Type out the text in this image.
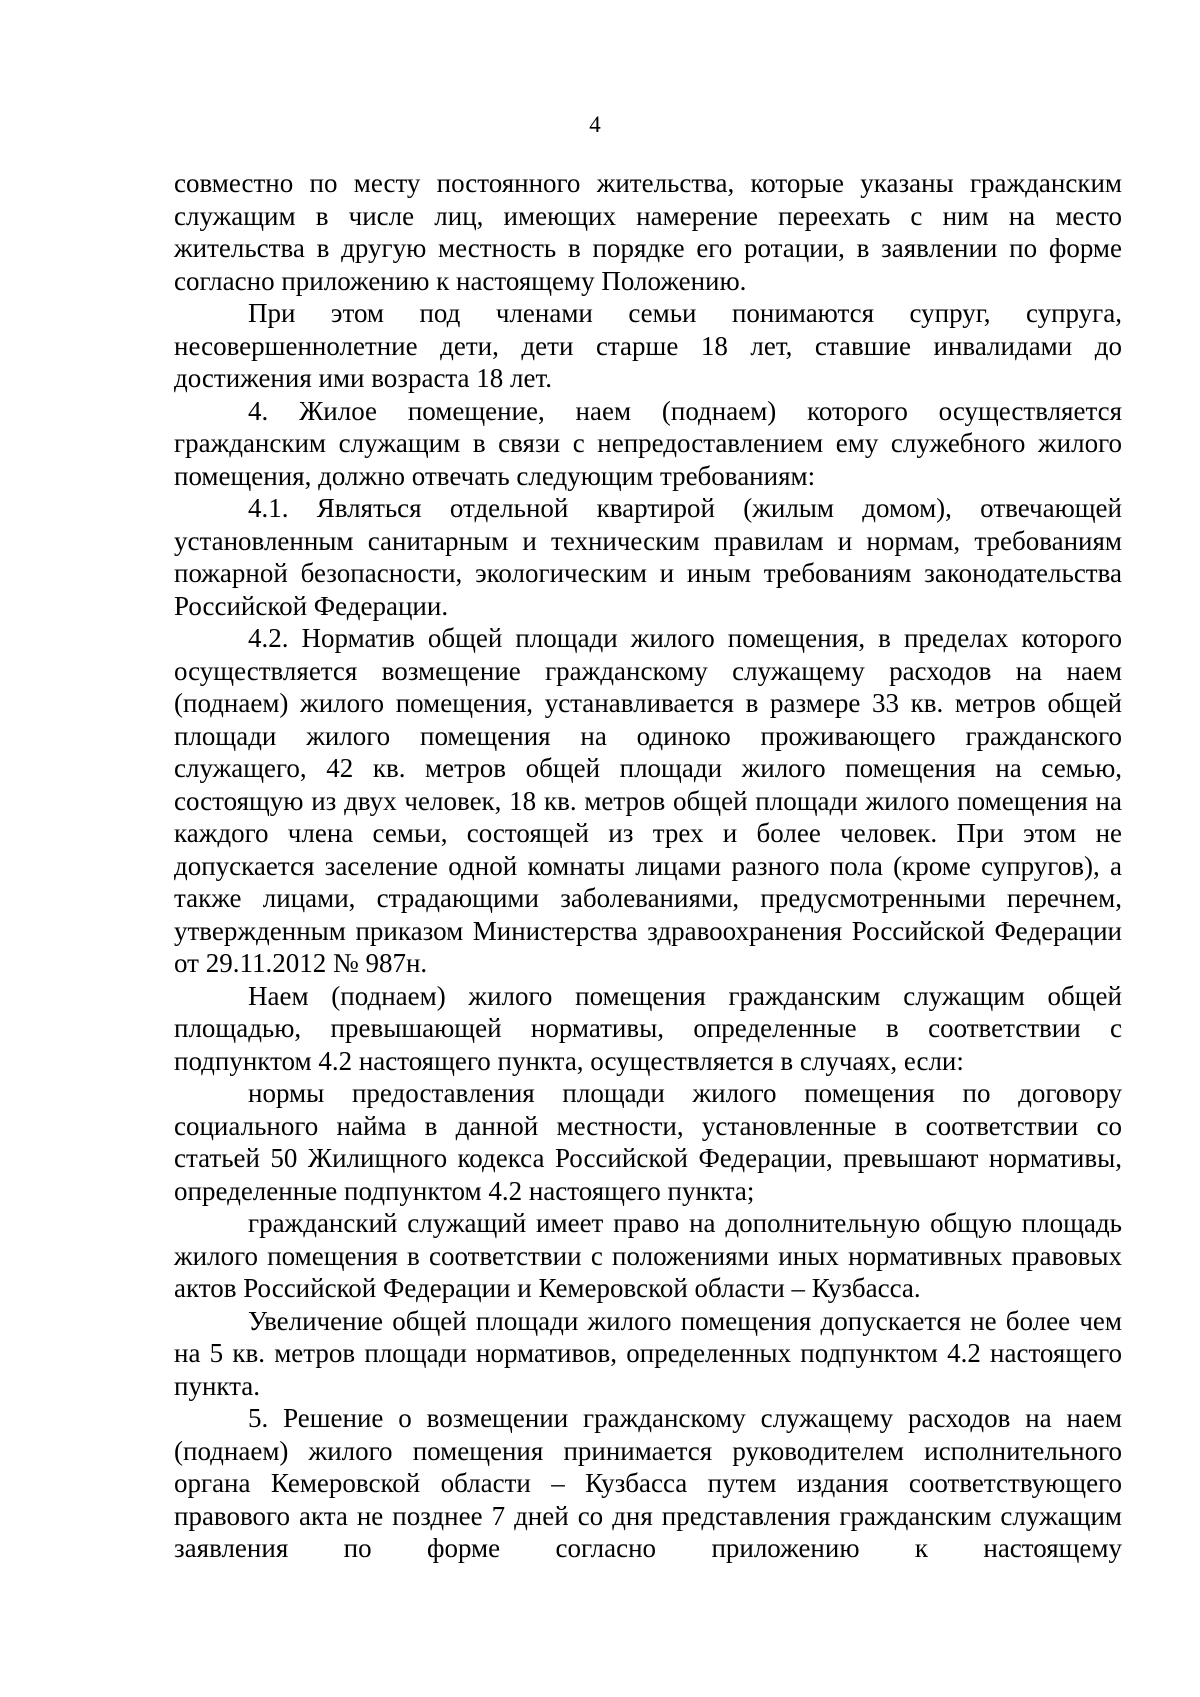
4

совместно по месту постоянного жительства, которые указаны гражданским служащим в числе лиц, имеющих намерение переехать с ним на место жительства в другую местность в порядке его ротации, в заявлении по форме согласно приложению к настоящему Положению.

При этом под членами семьи понимаются супруг, супруга, несовершеннолетние дети, дети старше 18 лет, ставшие инвалидами до достижения ими возраста 18 лет.

4. Жилое помещение, наем (поднаем) которого осуществляется гражданским служащим в связи с непредоставлением ему служебного жилого помещения, должно отвечать следующим требованиям:

4.1. Являться отдельной квартирой (жилым домом), отвечающей установленным санитарным и техническим правилам и нормам, требованиям пожарной безопасности, экологическим и иным требованиям законодательства Российской Федерации.

4.2. Норматив общей площади жилого помещения, в пределах которого осуществляется возмещение гражданскому служащему расходов на наем (поднаем) жилого помещения, устанавливается в размере 33 кв. метров общей площади жилого помещения на одиноко проживающего гражданского служащего, 42 кв. метров общей площади жилого помещения на семью, состоящую из двух человек, 18 кв. метров общей площади жилого помещения на каждого члена семьи, состоящей из трех и более человек. При этом не допускается заселение одной комнаты лицами разного пола (кроме супругов), а также лицами, страдающими заболеваниями, предусмотренными перечнем, утвержденным приказом Министерства здравоохранения Российской Федерации от 29.11.2012 № 987н.

Наем (поднаем) жилого помещения гражданским служащим общей площадью, превышающей нормативы, определенные в соответствии с подпунктом 4.2 настоящего пункта, осуществляется в случаях, если:

нормы предоставления площади жилого помещения по договору социального найма в данной местности, установленные в соответствии со статьей 50 Жилищного кодекса Российской Федерации, превышают нормативы, определенные подпунктом 4.2 настоящего пункта;

гражданский служащий имеет право на дополнительную общую площадь жилого помещения в соответствии с положениями иных нормативных правовых актов Российской Федерации и Кемеровской области – Кузбасса.

Увеличение общей площади жилого помещения допускается не более чем на 5 кв. метров площади нормативов, определенных подпунктом 4.2 настоящего пункта.

5. Решение о возмещении гражданскому служащему расходов на наем (поднаем) жилого помещения принимается руководителем исполнительного органа Кемеровской области – Кузбасса путем издания соответствующего правового акта не позднее 7 дней со дня представления гражданским служащим заявления по форме согласно приложению к настоящему
